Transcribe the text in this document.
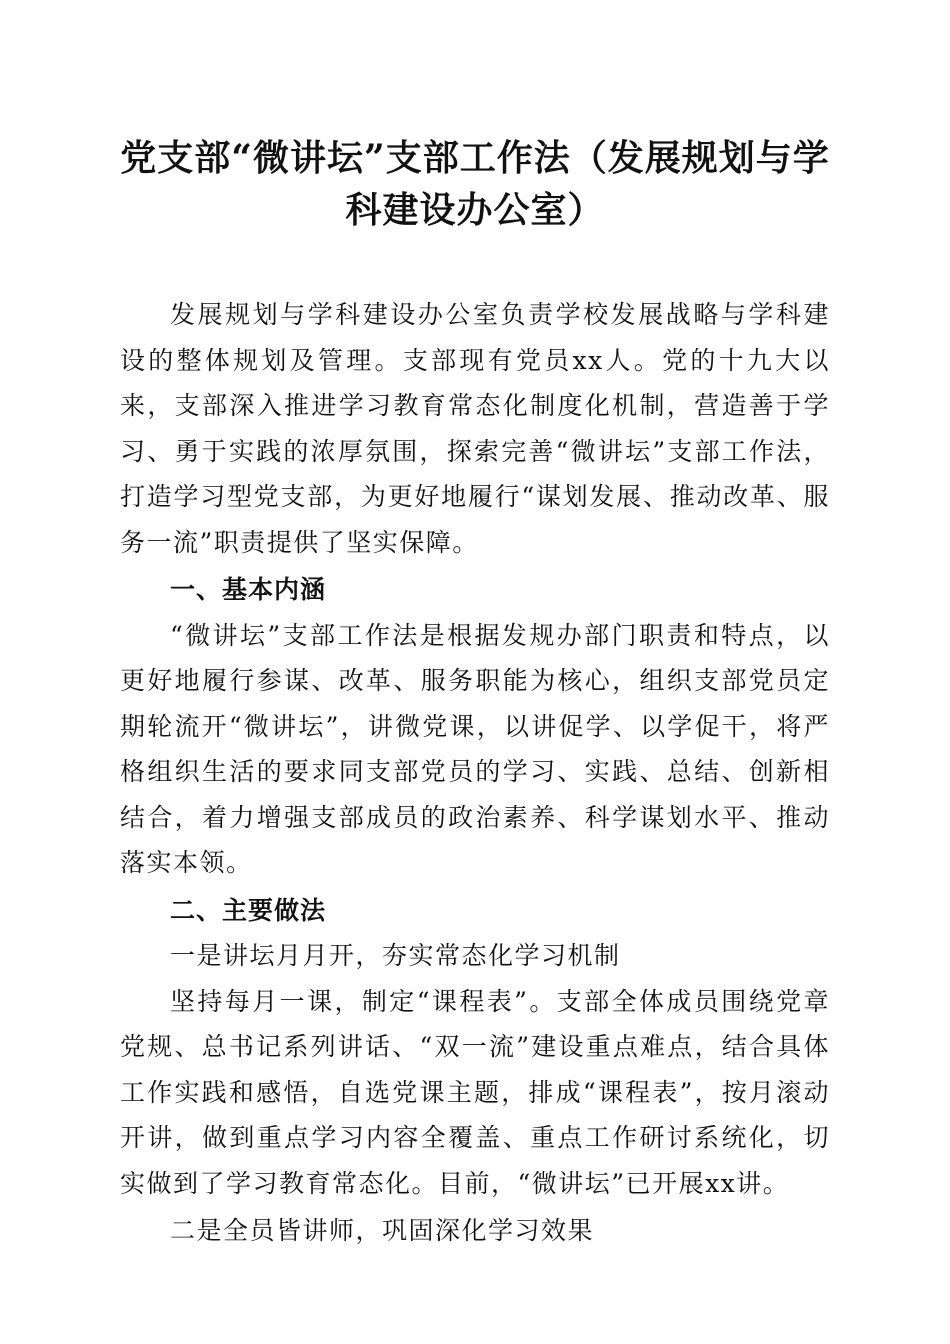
党支部“微讲坛”支部工作法（发展规划与学
科建设办公室）

发展规划与学科建设办公室负责学校发展战略与学科建设的整体规划及管理。支部现有党员xx人。党的十九大以来，支部深入推进学习教育常态化制度化机制，营造善于学习、勇于实践的浓厚氛围，探索完善“微讲坛”支部工作法，打造学习型党支部，为更好地履行“谋划发展、推动改革、服务一流”职责提供了坚实保障。

一、基本内涵

“微讲坛”支部工作法是根据发规办部门职责和特点，以更好地履行参谋、改革、服务职能为核心，组织支部党员定期轮流开“微讲坛”，讲微党课，以讲促学、以学促干，将严格组织生活的要求同支部党员的学习、实践、总结、创新相结合，着力增强支部成员的政治素养、科学谋划水平、推动落实本领。

二、主要做法

一是讲坛月月开，夯实常态化学习机制

坚持每月一课，制定“课程表”。支部全体成员围绕党章党规、总书记系列讲话、“双一流”建设重点难点，结合具体工作实践和感悟，自选党课主题，排成“课程表”，按月滚动开讲，做到重点学习内容全覆盖、重点工作研讨系统化，切实做到了学习教育常态化。目前，“微讲坛”已开展xx讲。

二是全员皆讲师，巩固深化学习效果
